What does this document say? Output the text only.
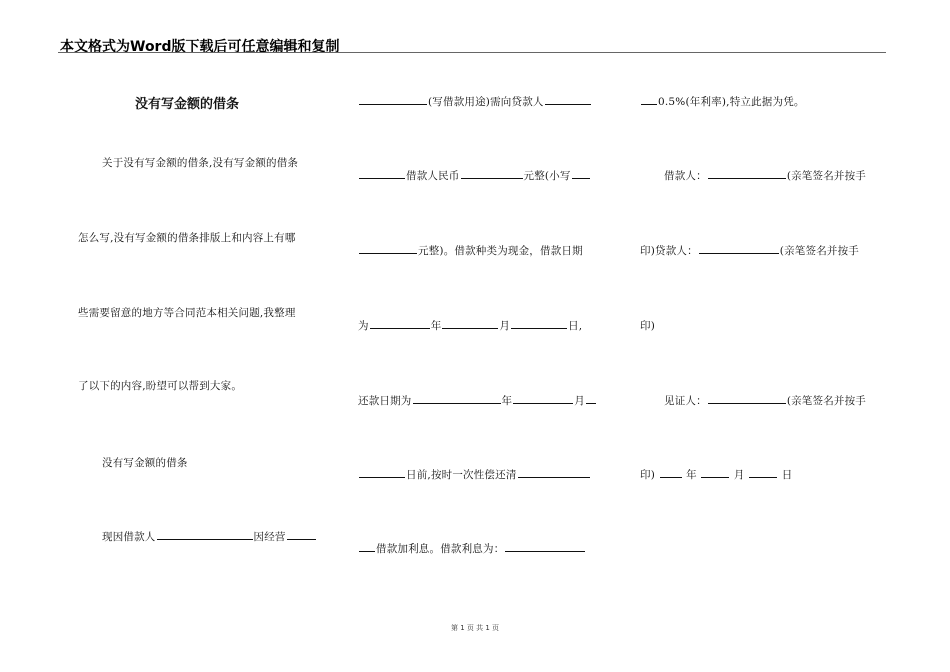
本文格式为Word版下载后可任意编辑和复制
没有写金额的借条
关于没有写金额的借条,没有写金额的借条
怎么写,没有写金额的借条排版上和内容上有哪
些需要留意的地方等合同范本相关问题,我整理
了以下的内容,盼望可以帮到大家。
没有写金额的借条
现因借款人	因经营
(写借款用途)需向贷款人
借款人民币	元整(小写
元整)。借款种类为现金，借款日期
为	年	月	日,
还款日期为	年	月
日前,按时一次性偿还清
借款加利息。借款利息为：
0.5%(年利率),特立此据为凭。
借款人：	(亲笔签名并按手
印)贷款人：	(亲笔签名并按手
印)
见证人：	(亲笔签名并按手
印)	年	月	日
第 1 页 共 1 页
